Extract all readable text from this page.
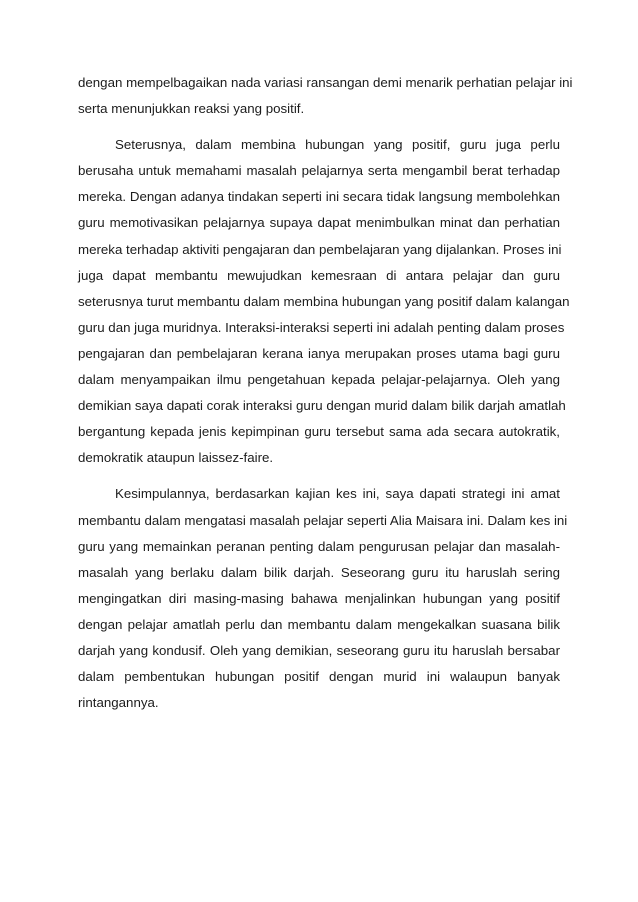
dengan mempelbagaikan nada variasi ransangan demi menarik perhatian pelajar ini
serta menunjukkan reaksi yang positif.
Seterusnya, dalam membina hubungan yang positif, guru juga perlu
berusaha untuk memahami masalah pelajarnya serta mengambil berat terhadap
mereka. Dengan adanya tindakan seperti ini secara tidak langsung membolehkan
guru memotivasikan pelajarnya supaya dapat menimbulkan minat dan perhatian
mereka terhadap aktiviti pengajaran dan pembelajaran yang dijalankan. Proses ini
juga dapat membantu mewujudkan kemesraan di antara pelajar dan guru
seterusnya turut membantu dalam membina hubungan yang positif dalam kalangan
guru dan juga muridnya. Interaksi-interaksi seperti ini adalah penting dalam proses
pengajaran dan pembelajaran kerana ianya merupakan proses utama bagi guru
dalam menyampaikan ilmu pengetahuan kepada pelajar-pelajarnya. Oleh yang
demikian saya dapati corak interaksi guru dengan murid dalam bilik darjah amatlah
bergantung kepada jenis kepimpinan guru tersebut sama ada secara autokratik,
demokratik ataupun laissez-faire.
Kesimpulannya, berdasarkan kajian kes ini, saya dapati strategi ini amat
membantu dalam mengatasi masalah pelajar seperti Alia Maisara ini. Dalam kes ini
guru yang memainkan peranan penting dalam pengurusan pelajar dan masalah-
masalah yang berlaku dalam bilik darjah. Seseorang guru itu haruslah sering
mengingatkan diri masing-masing bahawa menjalinkan hubungan yang positif
dengan pelajar amatlah perlu dan membantu dalam mengekalkan suasana bilik
darjah yang kondusif. Oleh yang demikian, seseorang guru itu haruslah bersabar
dalam pembentukan hubungan positif dengan murid ini walaupun banyak
rintangannya.
